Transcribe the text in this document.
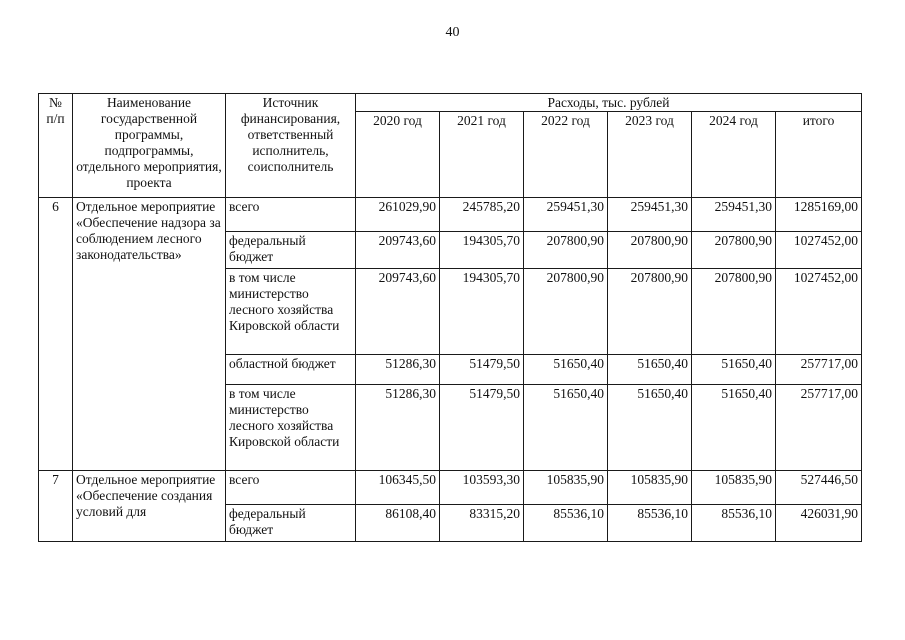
40
№ п/п	Наименование государственной программы, подпрограммы, отдельного мероприятия, проекта	Источник финансирования, ответственный исполнитель, соисполнитель	Расходы, тыс. рублей					
			2020 год	2021 год	2022 год	2023 год	2024 год	итого
6	Отдельное мероприятие «Обеспечение надзора за соблюдением лесного законодательства»	всего	261029,90	245785,20	259451,30	259451,30	259451,30	1285169,00
		федеральный бюджет	209743,60	194305,70	207800,90	207800,90	207800,90	1027452,00
		в том числе министерство лесного хозяйства Кировской области	209743,60	194305,70	207800,90	207800,90	207800,90	1027452,00
		областной бюджет	51286,30	51479,50	51650,40	51650,40	51650,40	257717,00
		в том числе министерство лесного хозяйства Кировской области	51286,30	51479,50	51650,40	51650,40	51650,40	257717,00
7	Отдельное мероприятие «Обеспечение создания условий для	всего	106345,50	103593,30	105835,90	105835,90	105835,90	527446,50
		федеральный бюджет	86108,40	83315,20	85536,10	85536,10	85536,10	426031,90
